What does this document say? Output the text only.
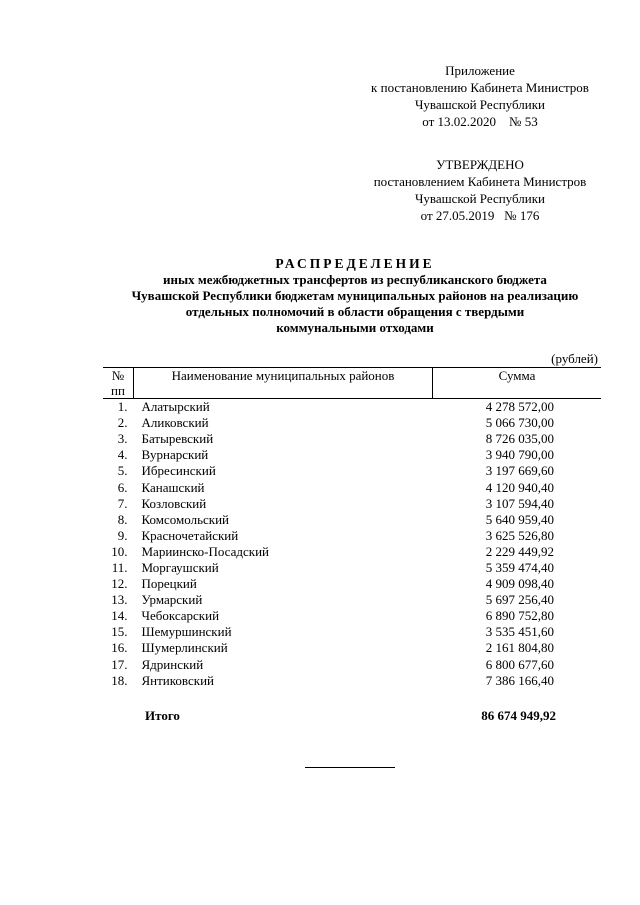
Приложение
к постановлению Кабинета Министров
Чувашской Республики
от 13.02.2020    № 53
УТВЕРЖДЕНО
постановлением Кабинета Министров
Чувашской Республики
от 27.05.2019   № 176
РАСПРЕДЕЛЕНИЕ
иных межбюджетных трансфертов из республиканского бюджета
Чувашской Республики бюджетам муниципальных районов на реализацию
отдельных полномочий в области обращения с твердыми
коммунальными отходами
(рублей)
№
пп	Наименование муниципальных районов	Сумма
1.	Алатырский	4 278 572,00
2.	Аликовский	5 066 730,00
3.	Батыревский	8 726 035,00
4.	Вурнарский	3 940 790,00
5.	Ибресинский	3 197 669,60
6.	Канашский	4 120 940,40
7.	Козловский	3 107 594,40
8.	Комсомольский	5 640 959,40
9.	Красночетайский	3 625 526,80
10.	Мариинско-Посадский	2 229 449,92
11.	Моргаушский	5 359 474,40
12.	Порецкий	4 909 098,40
13.	Урмарский	5 697 256,40
14.	Чебоксарский	6 890 752,80
15.	Шемуршинский	3 535 451,60
16.	Шумерлинский	2 161 804,80
17.	Ядринский	6 800 677,60
18.	Янтиковский	7 386 166,40
Итого	86 674 949,92
